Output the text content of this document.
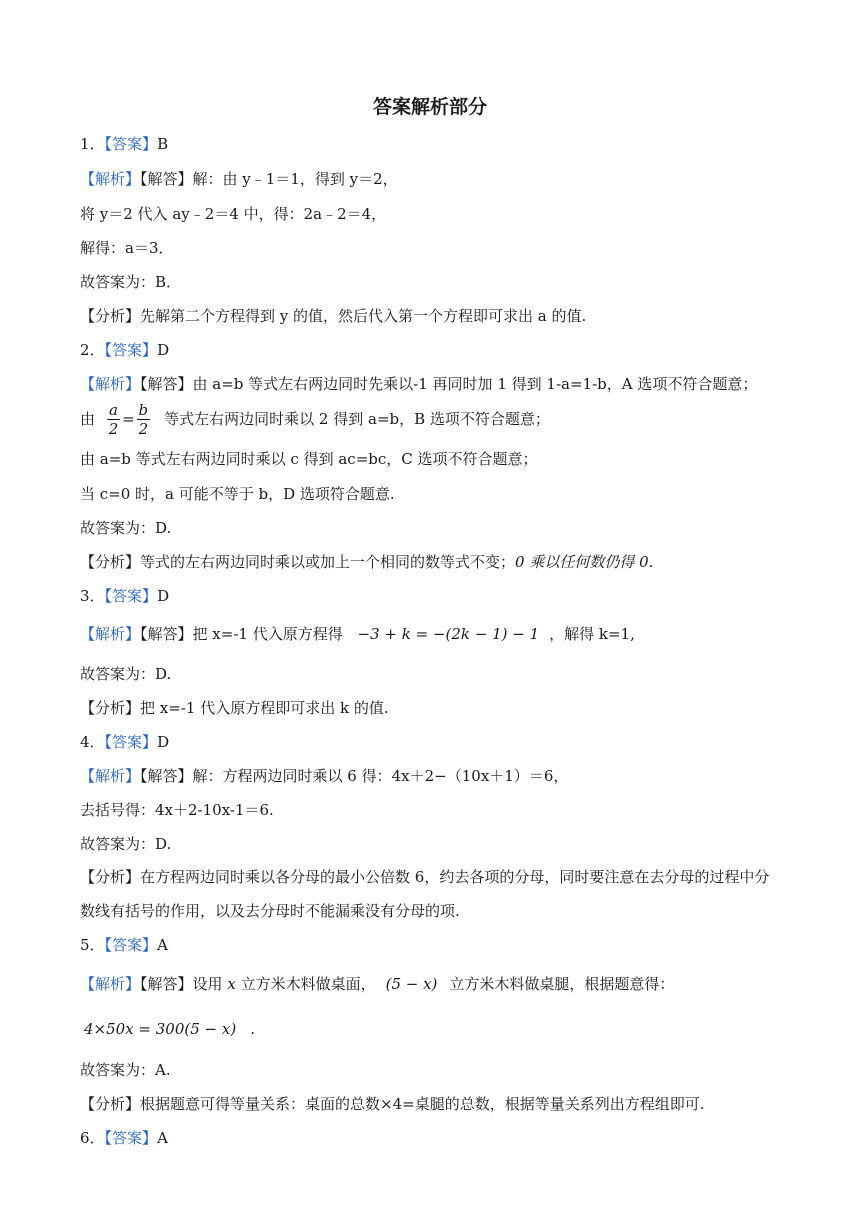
答案解析部分
1．【答案】B
【解析】【解答】解：由 y﹣1＝1，得到 y＝2，
将 y＝2 代入 ay﹣2＝4 中，得：2a﹣2＝4，
解得：a＝3．
故答案为：B．
【分析】先解第二个方程得到 y 的值，然后代入第一个方程即可求出 a 的值.
2．【答案】D
【解析】【解答】由 a=b 等式左右两边同时先乘以-1 再同时加 1 得到 1-a=1-b，A 选项不符合题意；
由 $\frac{a}{2} = \frac{b}{2}$ 等式左右两边同时乘以 2 得到 a=b，B 选项不符合题意；
由 a=b 等式左右两边同时乘以 c 得到 ac=bc，C 选项不符合题意；
当 c=0 时，a 可能不等于 b，D 选项符合题意.
故答案为：D.
【分析】等式的左右两边同时乘以或加上一个相同的数等式不变；0 乘以任何数仍得 0.
3．【答案】D
【解析】【解答】把 x=-1 代入原方程得 −3 + k = −(2k − 1) − 1 ，解得 k=1,
故答案为：D.
【分析】把 x=-1 代入原方程即可求出 k 的值.
4．【答案】D
【解析】【解答】解：方程两边同时乘以 6 得：4x＋2−（10x＋1）＝6，
去括号得：4x＋2-10x-1＝6.
故答案为：D.
【分析】在方程两边同时乘以各分母的最小公倍数 6，约去各项的分母，同时要注意在去分母的过程中分
数线有括号的作用，以及去分母时不能漏乘没有分母的项.
5．【答案】A
【解析】【解答】设用 x 立方米木料做桌面， (5 − x) 立方米木料做桌腿，根据题意得：
4×50x = 300(5 − x) .
故答案为：A.
【分析】根据题意可得等量关系：桌面的总数×4=桌腿的总数，根据等量关系列出方程组即可.
6．【答案】A
